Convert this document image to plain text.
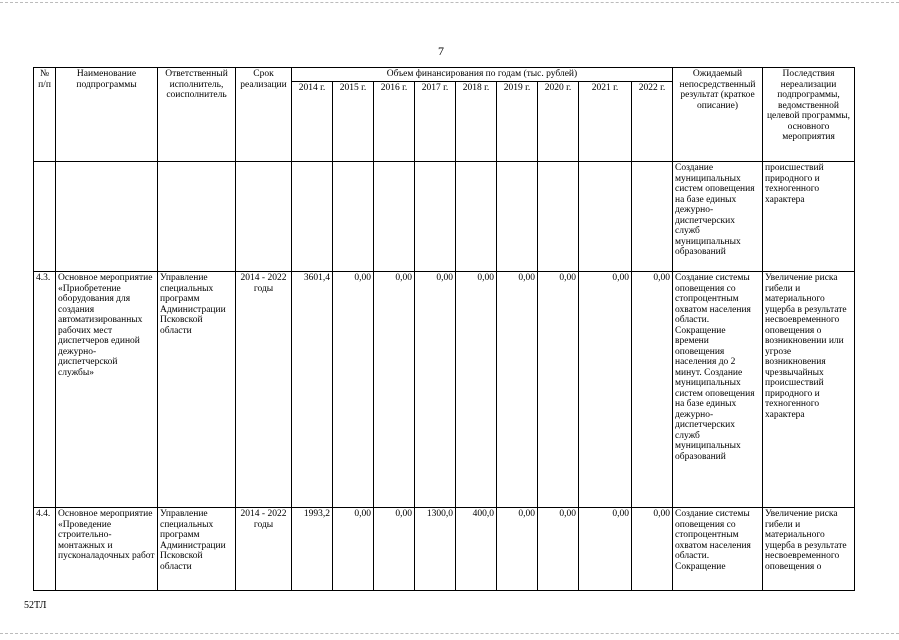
7
№ п/п	Наименование подпрограммы	Ответственный исполнитель, соисполнитель	Срок реализации	Объем финансирования по годам (тыс. рублей)									Ожидаемый непосредственный результат (краткое описание)	Последствия нереализации подпрограммы, ведомственной целевой программы, основного мероприятия
				2014 г.	2015 г.	2016 г.	2017 г.	2018 г.	2019 г.	2020 г.	2021 г.	2022 г.		
													Создание муниципальных систем оповещения на базе единых дежурно-диспетчерских служб муниципальных образований	происшествий природного и техногенного характера
4.3.	Основное мероприятие «Приобретение оборудования для создания автоматизированных рабочих мест диспетчеров единой дежурно-диспетчерской службы»	Управление специальных программ Администрации Псковской области	2014 - 2022 годы	3601,4	0,00	0,00	0,00	0,00	0,00	0,00	0,00	0,00	Создание системы оповещения со стопроцентным охватом населения области. Сокращение времени оповещения населения до 2 минут. Создание муниципальных систем оповещения на базе единых дежурно-диспетчерских служб муниципальных образований	Увеличение риска гибели и материального ущерба в результате несвоевременного оповещения о возникновении или угрозе возникновения чрезвычайных происшествий природного и техногенного характера
4.4.	Основное мероприятие «Проведение строительно-монтажных и пусконаладочных работ	Управление специальных программ Администрации Псковской области	2014 - 2022 годы	1993,2	0,00	0,00	1300,0	400,0	0,00	0,00	0,00	0,00	Создание системы оповещения со стопроцентным охватом населения области. Сокращение	Увеличение риска гибели и материального ущерба в результате несвоевременного оповещения о
52ТЛ
